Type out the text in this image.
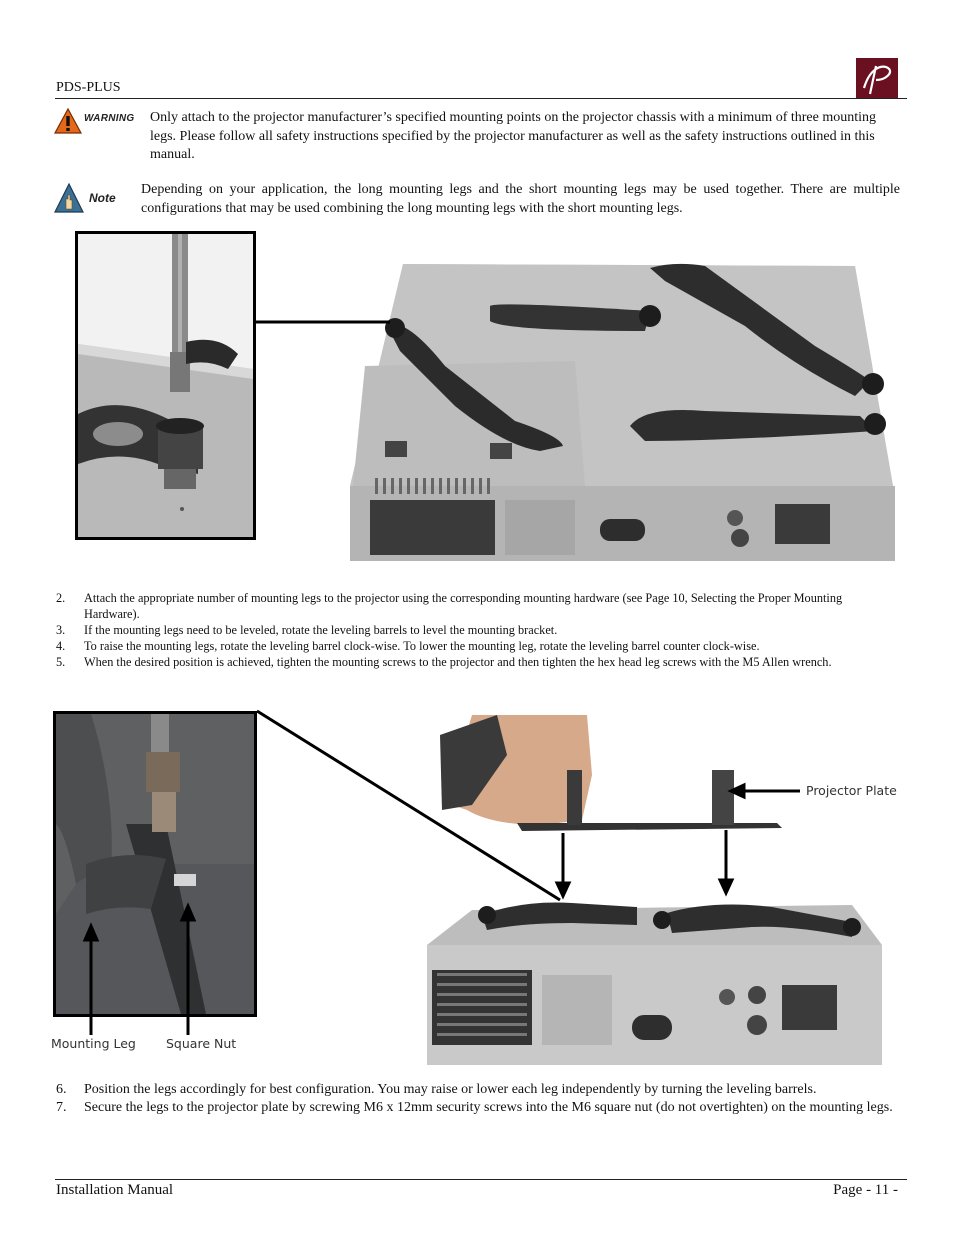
PDS-PLUS
WARNING Only attach to the projector manufacturer’s specified mounting points on the projector chassis with a minimum of three mounting legs. Please follow all safety instructions specified by the projector manufacturer as well as the safety instructions outlined in this manual.
Note
Depending on your application, the long mounting legs and the short mounting legs may be used together. There are multiple configurations that may be used combining the long mounting legs with the short mounting legs.
2. Attach the appropriate number of mounting legs to the projector using the corresponding mounting hardware (see Page 10, Selecting the Proper Mounting Hardware).
3. If the mounting legs need to be leveled, rotate the leveling barrels to level the mounting bracket.
4. To raise the mounting legs, rotate the leveling barrel clock-wise. To lower the mounting leg, rotate the leveling barrel counter clock-wise.
5. When the desired position is achieved, tighten the mounting screws to the projector and then tighten the hex head leg screws with the M5 Allen wrench.
Mounting Leg Square Nut
Projector Plate
6. Position the legs accordingly for best configuration. You may raise or lower each leg independently by turning the leveling barrels.
7. Secure the legs to the projector plate by screwing M6 x 12mm security screws into the M6 square nut (do not overtighten) on the mounting legs.
Installation Manual	Page - 11 -
